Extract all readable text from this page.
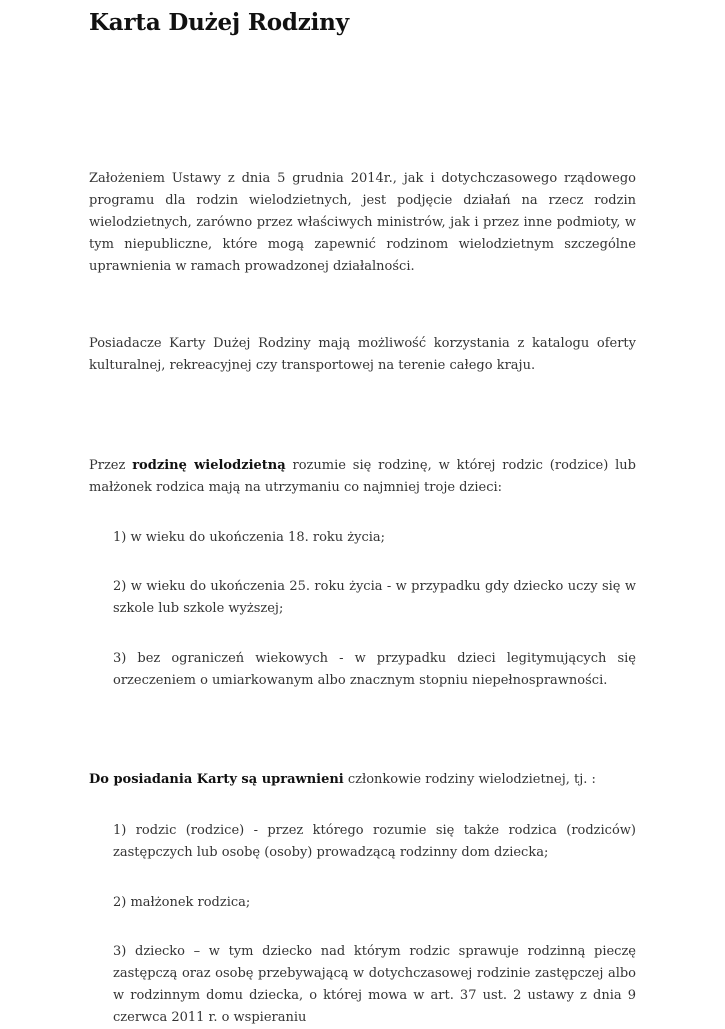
Karta Dużej Rodziny

Założeniem Ustawy z dnia 5 grudnia 2014r., jak i dotychczasowego rządowego programu dla rodzin wielodzietnych, jest podjęcie działań na rzecz rodzin wielodzietnych, zarówno przez właściwych ministrów, jak i przez inne podmioty, w tym niepubliczne, które mogą zapewnić rodzinom wielodzietnym szczególne uprawnienia w ramach prowadzonej działalności.

Posiadacze Karty Dużej Rodziny mają możliwość korzystania z katalogu oferty kulturalnej, rekreacyjnej czy transportowej na terenie całego kraju.

Przez rodzinę wielodzietną rozumie się rodzinę, w której rodzic (rodzice) lub małżonek rodzica mają na utrzymaniu co najmniej troje dzieci:

1) w wieku do ukończenia 18. roku życia;

2) w wieku do ukończenia 25. roku życia - w przypadku gdy dziecko uczy się w szkole lub szkole wyższej;

3) bez ograniczeń wiekowych - w przypadku dzieci legitymujących się orzeczeniem o umiarkowanym albo znacznym stopniu niepełnosprawności.

Do posiadania Karty są uprawnieni członkowie rodziny wielodzietnej, tj. :

1) rodzic (rodzice) - przez którego rozumie się także rodzica (rodziców) zastępczych lub osobę (osoby) prowadzącą rodzinny dom dziecka;

2) małżonek rodzica;

3) dziecko – w tym dziecko nad którym rodzic sprawuje rodzinną pieczę zastępczą oraz osobę przebywającą w dotychczasowej rodzinie zastępczej albo w rodzinnym domu dziecka, o której mowa w art. 37 ust. 2 ustawy z dnia 9 czerwca 2011 r. o wspieraniu
